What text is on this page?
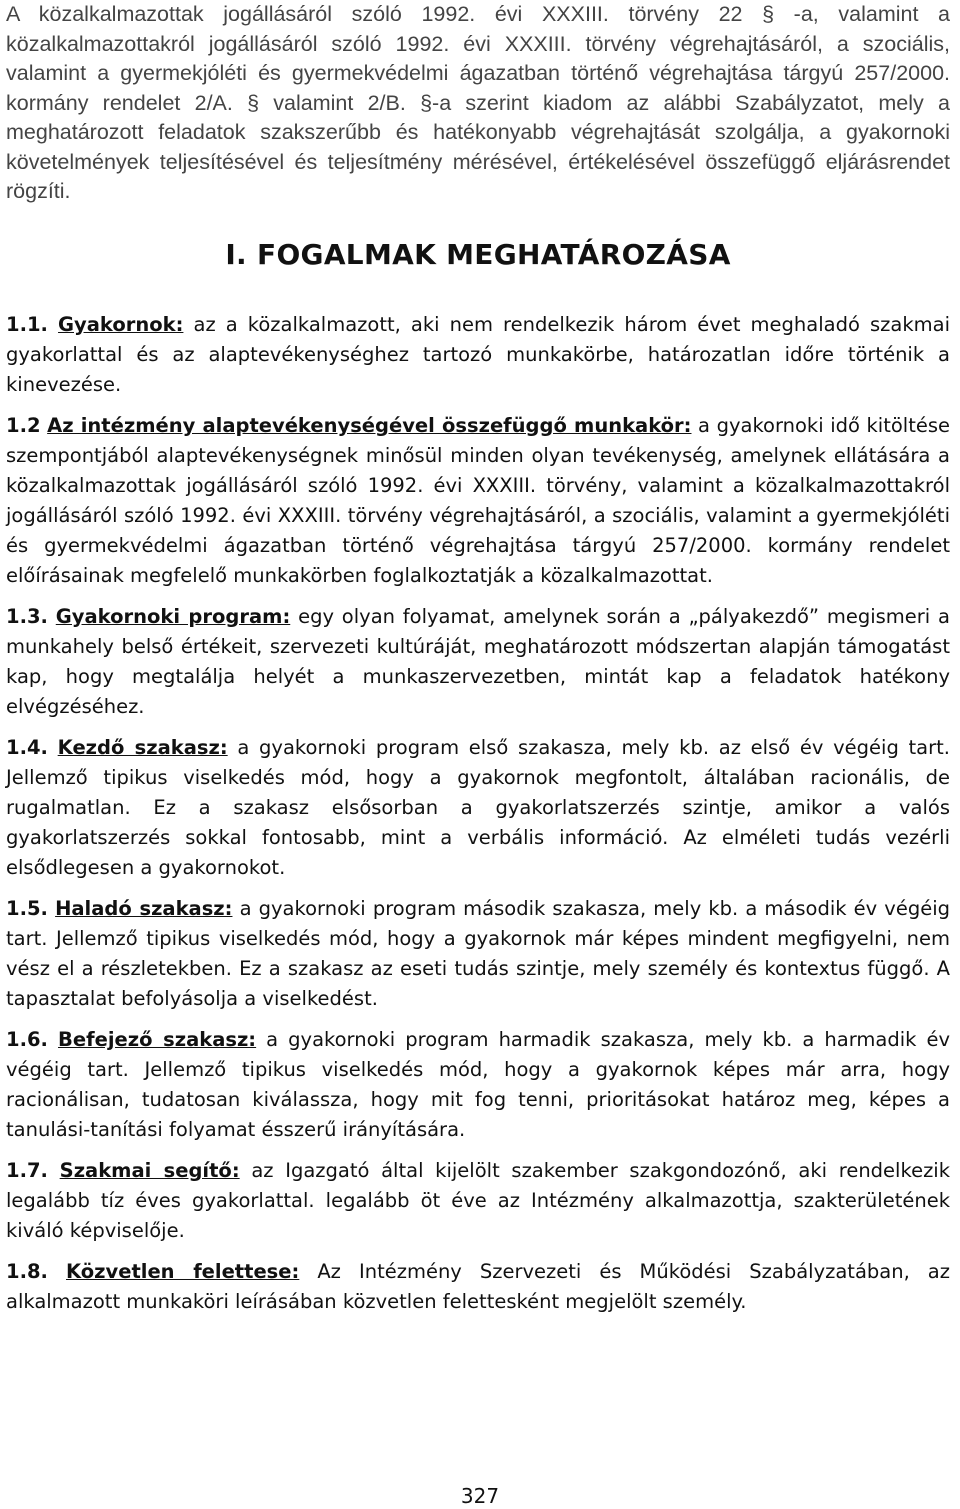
A közalkalmazottak jogállásáról szóló 1992. évi XXXIII. törvény 22 § -a, valamint a közalkalmazottakról jogállásáról szóló 1992. évi XXXIII. törvény végrehajtásáról, a szociális, valamint a gyermekjóléti és gyermekvédelmi ágazatban történő végrehajtása tárgyú 257/2000. kormány rendelet 2/A. § valamint 2/B. §-a szerint kiadom az alábbi Szabályzatot, mely a meghatározott feladatok szakszerűbb és hatékonyabb végrehajtását szolgálja, a gyakornoki követelmények teljesítésével és teljesítmény mérésével, értékelésével összefüggő eljárásrendet rögzíti.

I. FOGALMAK MEGHATÁROZÁSA

1.1. Gyakornok: az a közalkalmazott, aki nem rendelkezik három évet meghaladó szakmai gyakorlattal és az alaptevékenységhez tartozó munkakörbe, határozatlan időre történik a kinevezése.

1.2 Az intézmény alaptevékenységével összefüggő munkakör: a gyakornoki idő kitöltése szempontjából alaptevékenységnek minősül minden olyan tevékenység, amelynek ellátására a közalkalmazottak jogállásáról szóló 1992. évi XXXIII. törvény, valamint a közalkalmazottakról jogállásáról szóló 1992. évi XXXIII. törvény végrehajtásáról, a szociális, valamint a gyermekjóléti és gyermekvédelmi ágazatban történő végrehajtása tárgyú 257/2000. kormány rendelet előírásainak megfelelő munkakörben foglalkoztatják a közalkalmazottat.

1.3. Gyakornoki program: egy olyan folyamat, amelynek során a „pályakezdő” megismeri a munkahely belső értékeit, szervezeti kultúráját, meghatározott módszertan alapján támogatást kap, hogy megtalálja helyét a munkaszervezetben, mintát kap a feladatok hatékony elvégzéséhez.

1.4. Kezdő szakasz: a gyakornoki program első szakasza, mely kb. az első év végéig tart. Jellemző tipikus viselkedés mód, hogy a gyakornok megfontolt, általában racionális, de rugalmatlan. Ez a szakasz elsősorban a gyakorlatszerzés szintje, amikor a valós gyakorlatszerzés sokkal fontosabb, mint a verbális információ. Az elméleti tudás vezérli elsődlegesen a gyakornokot.

1.5. Haladó szakasz: a gyakornoki program második szakasza, mely kb. a második év végéig tart. Jellemző tipikus viselkedés mód, hogy a gyakornok már képes mindent megfigyelni, nem vész el a részletekben. Ez a szakasz az eseti tudás szintje, mely személy és kontextus függő. A tapasztalat befolyásolja a viselkedést.

1.6. Befejező szakasz: a gyakornoki program harmadik szakasza, mely kb. a harmadik év végéig tart. Jellemző tipikus viselkedés mód, hogy a gyakornok képes már arra, hogy racionálisan, tudatosan kiválassza, hogy mit fog tenni, prioritásokat határoz meg, képes a tanulási-tanítási folyamat ésszerű irányítására.

1.7. Szakmai segítő: az Igazgató által kijelölt szakember szakgondozónő, aki rendelkezik legalább tíz éves gyakorlattal. legalább öt éve az Intézmény alkalmazottja, szakterületének kiváló képviselője.

1.8. Közvetlen felettese: Az Intézmény Szervezeti és Működési Szabályzatában, az alkalmazott munkaköri leírásában közvetlen felettesként megjelölt személy.

327
